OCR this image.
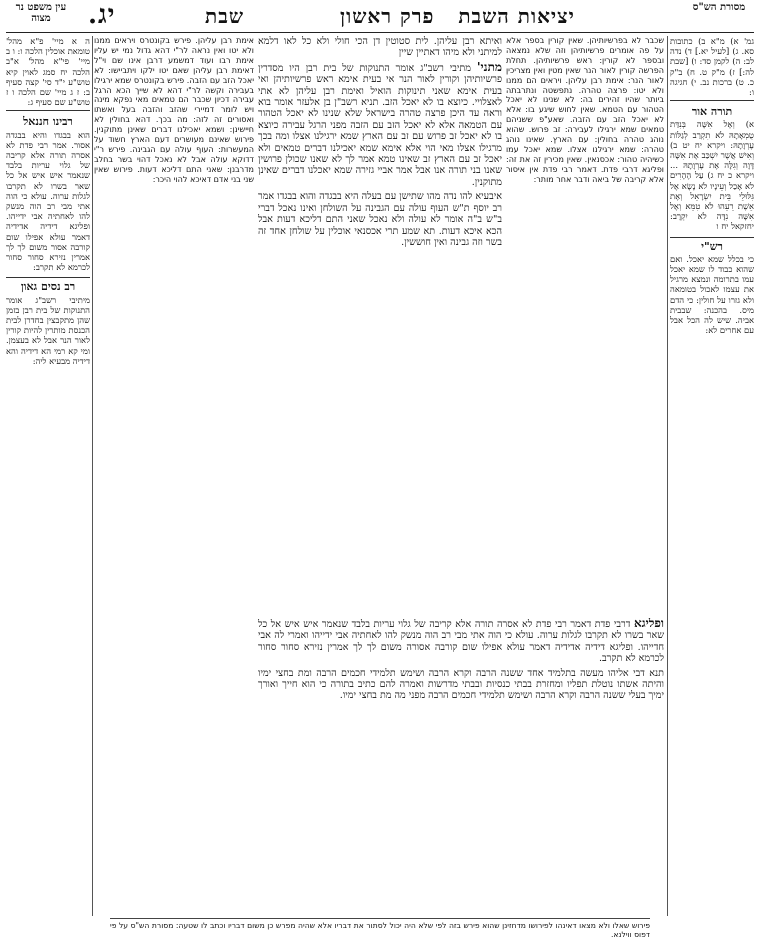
מסורת הש"ס
יציאות השבת   פרק ראשון
שבת
יג.
עין משפט נר מצוה

גמ' א) מ"א ב) כתובות סא. ג) [לעיל יא.] ד) נדה לב: ה) לקמן סד: ו) [שבת לה:] ז) מ"ק ט. ח) ב"ק כ. ט) ברכות נב. י) חגיגה ו:

תורה אור

א) וְאֶל אִשָּׁה בְּנִדַּת טֻמְאָתָהּ לֹא תִקְרַב לְגַלּוֹת עֶרְוָתָהּ: ויקרא יח יט ב) וְאִישׁ אֲשֶׁר יִשְׁכַּב אֶת אִשָּׁה דָּוָה וְגִלָּה אֶת עֶרְוָתָהּ ... ויקרא כ יח ג) עַל הֶהָרִים לֹא אָכַל וְעֵינָיו לֹא נָשָׂא אֶל גִּלּוּלֵי בֵּית יִשְׂרָאֵל וְאֶת אֵשֶׁת רֵעֵהוּ לֹא טִמֵּא וְאֶל אִשָּׁה נִדָּה לֹא יִקְרָב: יחזקאל יח ו

רש"י

כי בכלל שמא יאכל. ואם שהוא כבוד לו שמא יאכל עמו בתרומה ונמצא מרגיל את עצמו לאכול בטומאה ולא גזרו על חולין: כי הדם מיס. בהכנה: שבבית אביה. שיש לה הכל אבל עם אחרים לא:

שכבר לא בפרשיותיהן. שאין קורין בספר אלא על פה אומרים פרשיותיהן וזה שלא נמצאה ובספר לא קורין: ראש פרשיותיהן. תחלת הפרשה קורין לאור הנר שאין מטין ואין מצריכין לאור הנר: אימת רבן עליהן. ויראים הם ממנו ולא יטו: פרצה טהרה. נתפשטה ונתרבתה ביותר שהיו זהירים בה: לא שנינו לא יאכל הטהור עם הטמא. שאין לחוש שיגע בו: אלא לא יאכל הזב עם הזבה. שאע"פ ששניהם טמאים שמא ירגילו לעבירה: זב פרוש. שהוא נוהג טהרה בחולין: עם הארץ. שאינו נוהג טהרה: שמא ירגילנו אצלו. שמא יאכל עמו כשיהיה טהור: אכסנאין. שאין מכירין זה את זה: ופליגא דרבי פדת. דאמר רבי פדת אין איסור אלא קריבה של ביאה ודבר אחר מותר:

ואיתא רבן עליהן. לית סטוטין דן הכי חולי ולא כל לאו דלמא למיתני ולא מיהו דאתיין שיין

מתני' מתיבי רשב"ג אומר התנוקות של בית רבן היו מסדרין פרשיותיהן וקורין לאור הנר אי בעית אימא ראש פרשיותיהן ואי בעית אימא שאני תינוקות הואיל ואימת רבן עליהן לא אתי לאצלויי. כיוצא בו לא יאכל הזב. תניא רשב"ן בן אלעזר אומר בוא וראה עד היכן פרצה טהרה בישראל שלא שנינו לא יאכל הטהור עם הטמאה אלא לא יאכל הזב עם הזבה מפני הרגל עבירה כיוצא בו לא יאכל זב פרוש עם זב עם הארץ שמא ירגילנו אצלו ומה בכך מרגילו אצלו מאי הוי אלא אימא שמא יאכילנו דברים טמאים ולא יאכל זב עם הארץ זב שאינו טמא אמר לך לא שאנו שכולן פרושין שאנו בני תורה אנו אבל אמר אביי גזירה שמא יאכלנו דברים שאינן מתוקנין.

איבעיא להו נדה מהו שתישן עם בעלה היא בבגדה והוא בבגדו אמר רב יוסף ת"ש העוף עולה עם הגבינה על השולחן ואינו נאכל דברי ב"ש ב"ה אומר לא עולה ולא נאכל שאני התם דליכא דעות אבל הכא איכא דעות. תא שמע תרי אכסנאי אוכלין על שולחן אחד זה בשר וזה גבינה ואין חוששין.

אימת רבן עליהן. פירש בקונטרס ויראים ממנו ולא יטו ואין נראה לר"י דהא גדול נמי יש עליו אימת רבו ועוד דמשמע דרבן אינו שם וי"ל דאימת רבן עליהן שאם יטו ילקו ויתביישו: לא יאכל הזב עם הזבה. פירש בקונטרס שמא ירגילו בעבירה וקשה לר"י דהא לא שייך הכא הרגל עבירה דכיון שכבר הם טמאים מאי נפקא מינה ויש לומר דמיירי שהזב והזבה בעל ואשתו ואסורים זה לזה: מה בכך. דהא בחולין לא חיישינן: ושמא יאכילנו דברים שאינן מתוקנין. פירוש שאינם מעושרים דעם הארץ חשוד על המעשרות: העוף עולה עם הגבינה. פירש ר"י דדוקא עולה אבל לא נאכל דהוי בשר בחלב מדרבנן: שאני התם דליכא דעות. פירוש שאין שני בני אדם דאיכא להוי היכר:

ה א מיי' פ"א מהל' טומאת אוכלין הלכה ו: ו ב מיי' פי"א מהל' א"ב הלכה יח סמג לאוין קיא טוש"ע י"ד סי' קצה סעיף ב: ז ג מיי' שם הלכה ו ז טוש"ע שם סעיף ג:

רבינו חננאל

הוא בבגדו והיא בבגדה אסור. אמר רבי פדת לא אסרה תורה אלא קריבה של גלוי עריות בלבד שנאמר איש איש אל כל שאר בשרו לא תקרבו לגלות ערוה. עולא כי הוה אתי מבי רב הוה מנשק להו לאחתיה אבי ידייהו. ופליגא דידיה אדידיה דאמר עולא אפילו שום קורבה אסור משום לך לך אמרין נזירא סחור סחור לכרמא לא תקרב:

רב נסים גאון

מיתיבי רשב"ג אומר התנוקות של בית רבן בזמן שהן מתקבצין בחדרן לבית הכנסת מותרין להיות קורין לאור הנר אבל לא בעצמן. ומי קא רמי הא דידיה והא דידיה מבעיא ליה:

ופליגא דרבי פדת דאמר רבי פדת לא אסרה תורה אלא קריבה של גלוי עריות בלבד שנאמר איש איש אל כל שאר בשרו לא תקרבו לגלות ערוה. עולא כי הוה אתי מבי רב הוה מנשק להו לאחתיה אבי ידייהו ואמרי לה אבי חדייהו. ופליגא דידיה אדידיה דאמר עולא אפילו שום קורבה אסורה משום לך לך אמרין נזירא סחור סחור לכרמא לא תקרב.

תנא דבי אליהו מעשה בתלמיד אחד ששנה הרבה וקרא הרבה ושימש תלמידי חכמים הרבה ומת בחצי ימיו והיתה אשתו נוטלת תפליו ומחזרת בבתי כנסיות ובבתי מדרשות ואמרה להם כתיב בתורה כי הוא חייך ואורך ימיך בעלי ששנה הרבה וקרא הרבה ושימש תלמידי חכמים הרבה מפני מה מת בחצי ימיו.

פירוש שאלו ולא מצאו דאינהו לפירושו מדחזינן שהוא פירש בזה לפי שלא היה יכול לסתור את דבריו אלא שהיה מפרש כן משום דבריו וכתב לו שטעה: מסורת הש"ס על פי דפוס ווילנא.
